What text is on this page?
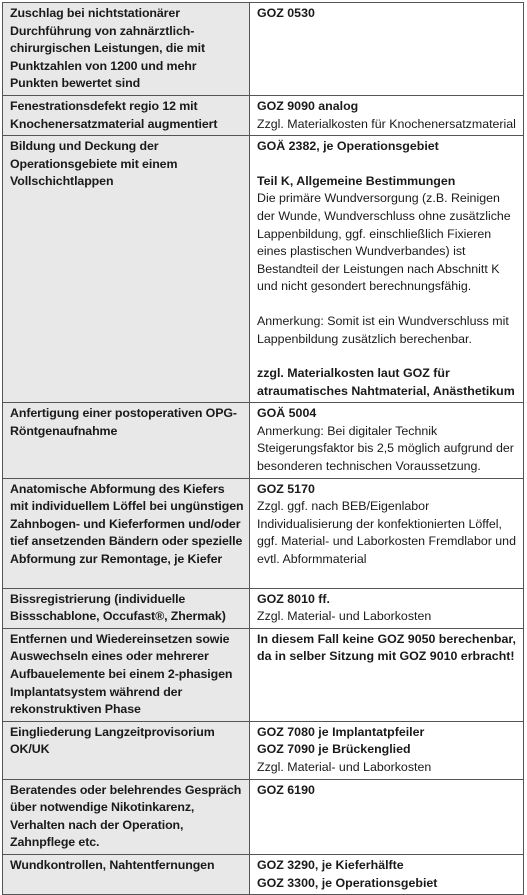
Zuschlag bei nichtstationärer Durchführung von zahnärztlich-chirurgischen Leistungen, die mit Punktzahlen von 1200 und mehr Punkten bewertet sind	GOZ 0530

Fenestrationsdefekt regio 12 mit Knochenersatzmaterial augmentiert	GOZ 9090 analog
Zzgl. Materialkosten für Knochenersatzmaterial

Bildung und Deckung der Operationsgebiete mit einem Vollschichtlappen	GOÄ 2382, je Operationsgebiet
Teil K, Allgemeine Bestimmungen
Die primäre Wundversorgung (z.B. Reinigen der Wunde, Wundverschluss ohne zusätzliche Lappenbildung, ggf. einschließlich Fixieren eines plastischen Wundverbandes) ist Bestandteil der Leistungen nach Abschnitt K und nicht gesondert berechnungsfähig.
Anmerkung: Somit ist ein Wundverschluss mit Lappenbildung zusätzlich berechenbar.
zzgl. Materialkosten laut GOZ für atraumatisches Nahtmaterial, Anästhetikum

Anfertigung einer postoperativen OPG-Röntgenaufnahme	GOÄ 5004
Anmerkung: Bei digitaler Technik Steigerungsfaktor bis 2,5 möglich aufgrund der besonderen technischen Voraussetzung.

Anatomische Abformung des Kiefers mit individuellem Löffel bei ungünstigen Zahnbogen- und Kieferformen und/oder tief ansetzenden Bändern oder spezielle Abformung zur Remontage, je Kiefer	GOZ 5170
Zzgl. ggf. nach BEB/Eigenlabor Individualisierung der konfektionierten Löffel, ggf. Material- und Laborkosten Fremdlabor und evtl. Abformmaterial

Bissregistrierung (individuelle Bissschablone, Occufast®, Zhermak)	GOZ 8010 ff.
Zzgl. Material- und Laborkosten

Entfernen und Wiedereinsetzen sowie Auswechseln eines oder mehrerer Aufbauelemente bei einem 2-phasigen Implantatsystem während der rekonstruktiven Phase	In diesem Fall keine GOZ 9050 berechenbar, da in selber Sitzung mit GOZ 9010 erbracht!

Eingliederung Langzeitprovisorium OK/UK	GOZ 7080 je Implantatpfeiler
GOZ 7090 je Brückenglied
Zzgl. Material- und Laborkosten

Beratendes oder belehrendes Gespräch über notwendige Nikotinkarenz, Verhalten nach der Operation, Zahnpflege etc.	GOZ 6190

Wundkontrollen, Nahtentfernungen	GOZ 3290, je Kieferhälfte
GOZ 3300, je Operationsgebiet
